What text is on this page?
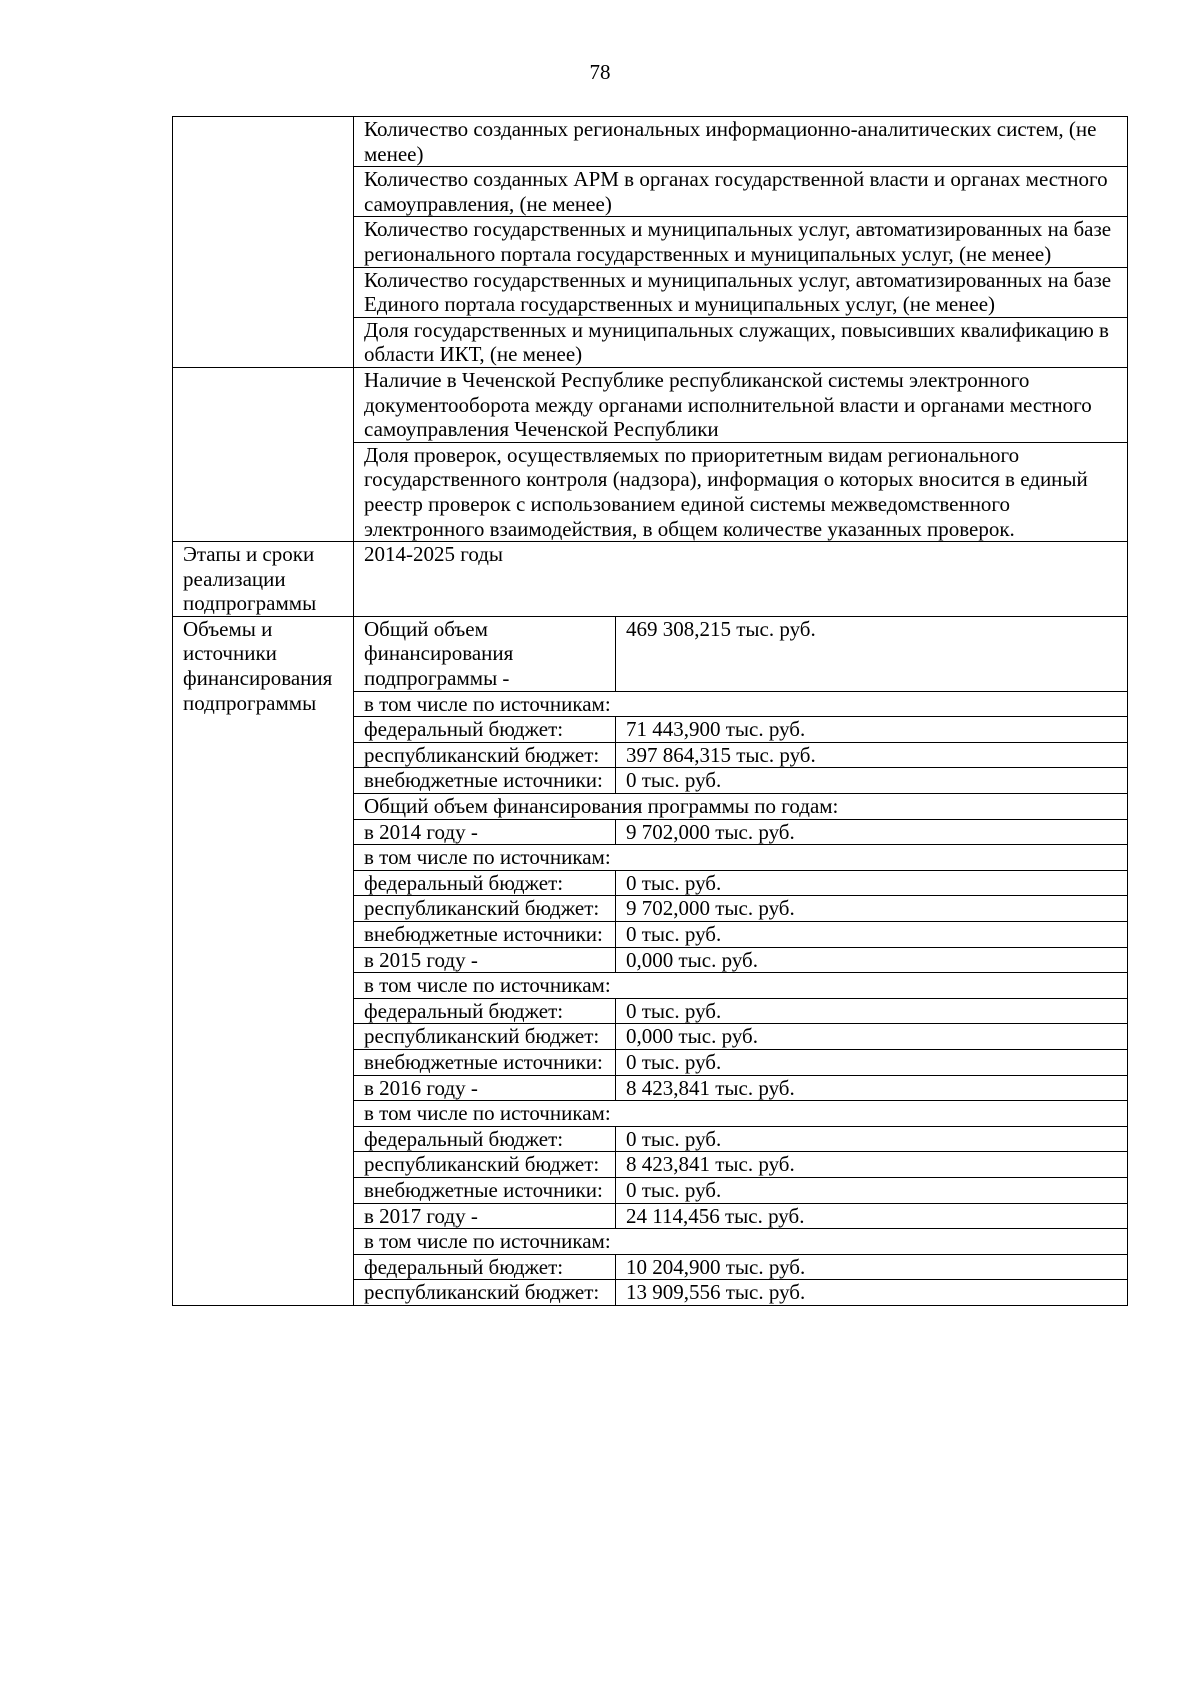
78
	Количество созданных региональных информационно-аналитических систем, (не менее)	
	Количество созданных АРМ в органах государственной власти и органах местного самоуправления, (не менее)	
	Количество государственных и муниципальных услуг, автоматизированных на базе регионального портала государственных и муниципальных услуг, (не менее)	
	Количество государственных и муниципальных услуг, автоматизированных на базе Единого портала государственных и муниципальных услуг, (не менее)	
	Доля государственных и муниципальных служащих, повысивших квалификацию в области ИКТ, (не менее)	
	Наличие в Чеченской Республике республиканской системы электронного документооборота между органами исполнительной власти и органами местного самоуправления Чеченской Республики	
	Доля проверок, осуществляемых по приоритетным видам регионального государственного контроля (надзора), информация о которых вносится в единый реестр проверок с использованием единой системы межведомственного электронного взаимодействия, в общем количестве указанных проверок.	
Этапы и сроки реализации подпрограммы	2014-2025 годы	
Объемы и источники финансирования подпрограммы	Общий объем финансирования подпрограммы -	469 308,215 тыс. руб.
	в том числе по источникам:	
	федеральный бюджет:	71 443,900 тыс. руб.
	республиканский бюджет:	397 864,315 тыс. руб.
	внебюджетные источники:	0 тыс. руб.
	Общий объем финансирования программы по годам:	
	в 2014 году -	9 702,000 тыс. руб.
	в том числе по источникам:	
	федеральный бюджет:	0 тыс. руб.
	республиканский бюджет:	9 702,000 тыс. руб.
	внебюджетные источники:	0 тыс. руб.
	в 2015 году -	0,000 тыс. руб.
	в том числе по источникам:	
	федеральный бюджет:	0 тыс. руб.
	республиканский бюджет:	0,000 тыс. руб.
	внебюджетные источники:	0 тыс. руб.
	в 2016 году -	8 423,841 тыс. руб.
	в том числе по источникам:	
	федеральный бюджет:	0 тыс. руб.
	республиканский бюджет:	8 423,841 тыс. руб.
	внебюджетные источники:	0 тыс. руб.
	в 2017 году -	24 114,456 тыс. руб.
	в том числе по источникам:	
	федеральный бюджет:	10 204,900 тыс. руб.
	республиканский бюджет:	13 909,556 тыс. руб.
